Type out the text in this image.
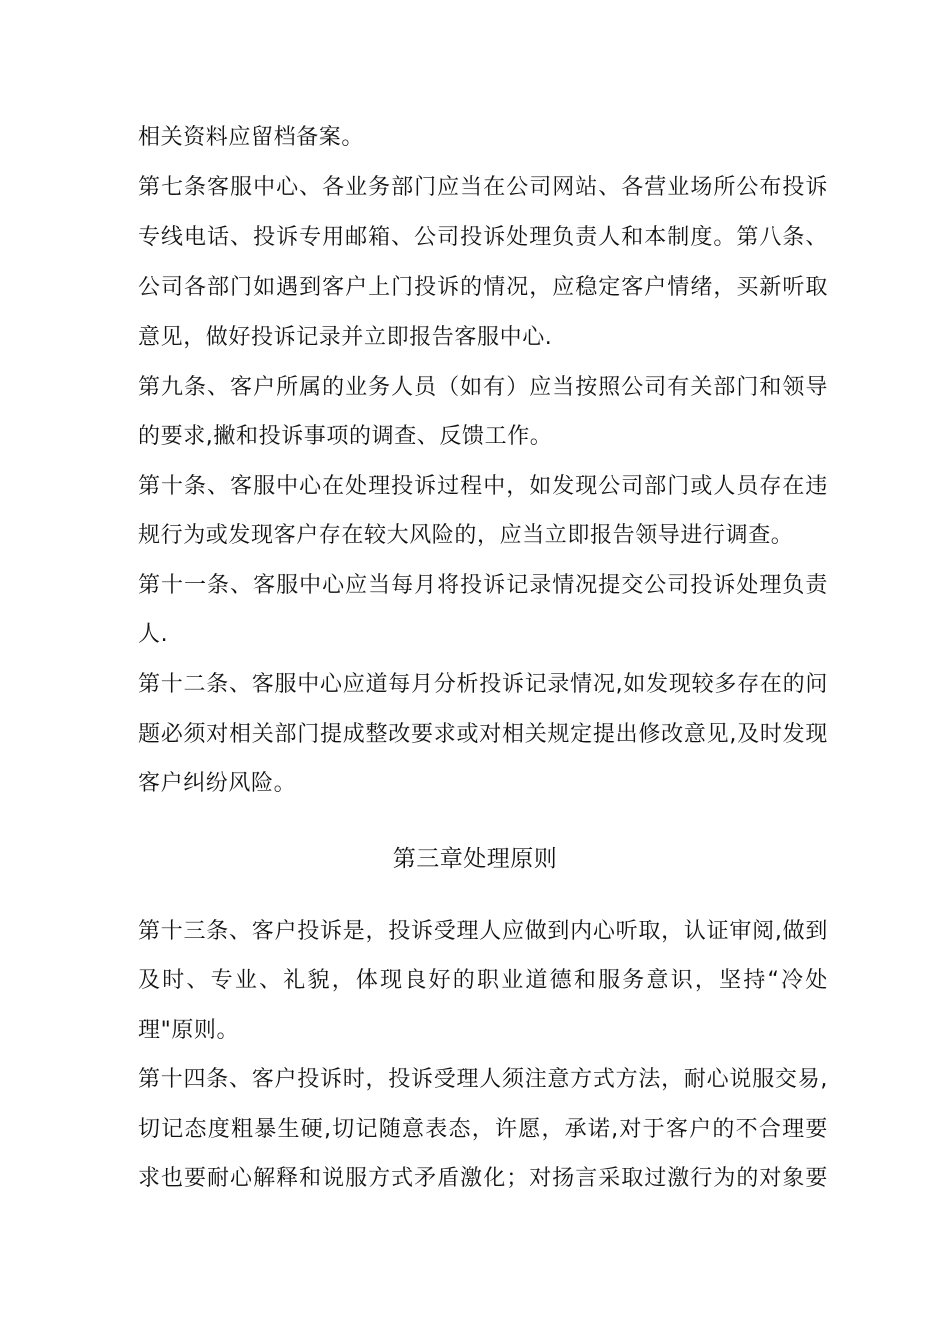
相关资料应留档备案。
第七条客服中心、各业务部门应当在公司网站、各营业场所公布投诉
专线电话、投诉专用邮箱、公司投诉处理负责人和本制度。第八条、
公司各部门如遇到客户上门投诉的情况，应稳定客户情绪，买新听取
意见，做好投诉记录并立即报告客服中心.
第九条、客户所属的业务人员（如有）应当按照公司有关部门和领导
的要求,撇和投诉事项的调查、反馈工作。
第十条、客服中心在处理投诉过程中，如发现公司部门或人员存在违
规行为或发现客户存在较大风险的，应当立即报告领导进行调查。
第十一条、客服中心应当每月将投诉记录情况提交公司投诉处理负责
人.
第十二条、客服中心应道每月分析投诉记录情况,如发现较多存在的问
题必须对相关部门提成整改要求或对相关规定提出修改意见,及时发现
客户纠纷风险。
第三章处理原则
第十三条、客户投诉是，投诉受理人应做到内心听取，认证审阅,做到
及时、专业、礼貌，体现良好的职业道德和服务意识，坚持“冷处
理"原则。
第十四条、客户投诉时，投诉受理人须注意方式方法，耐心说服交易,
切记态度粗暴生硬,切记随意表态，许愿，承诺,对于客户的不合理要
求也要耐心解释和说服方式矛盾激化；对扬言采取过激行为的对象要
